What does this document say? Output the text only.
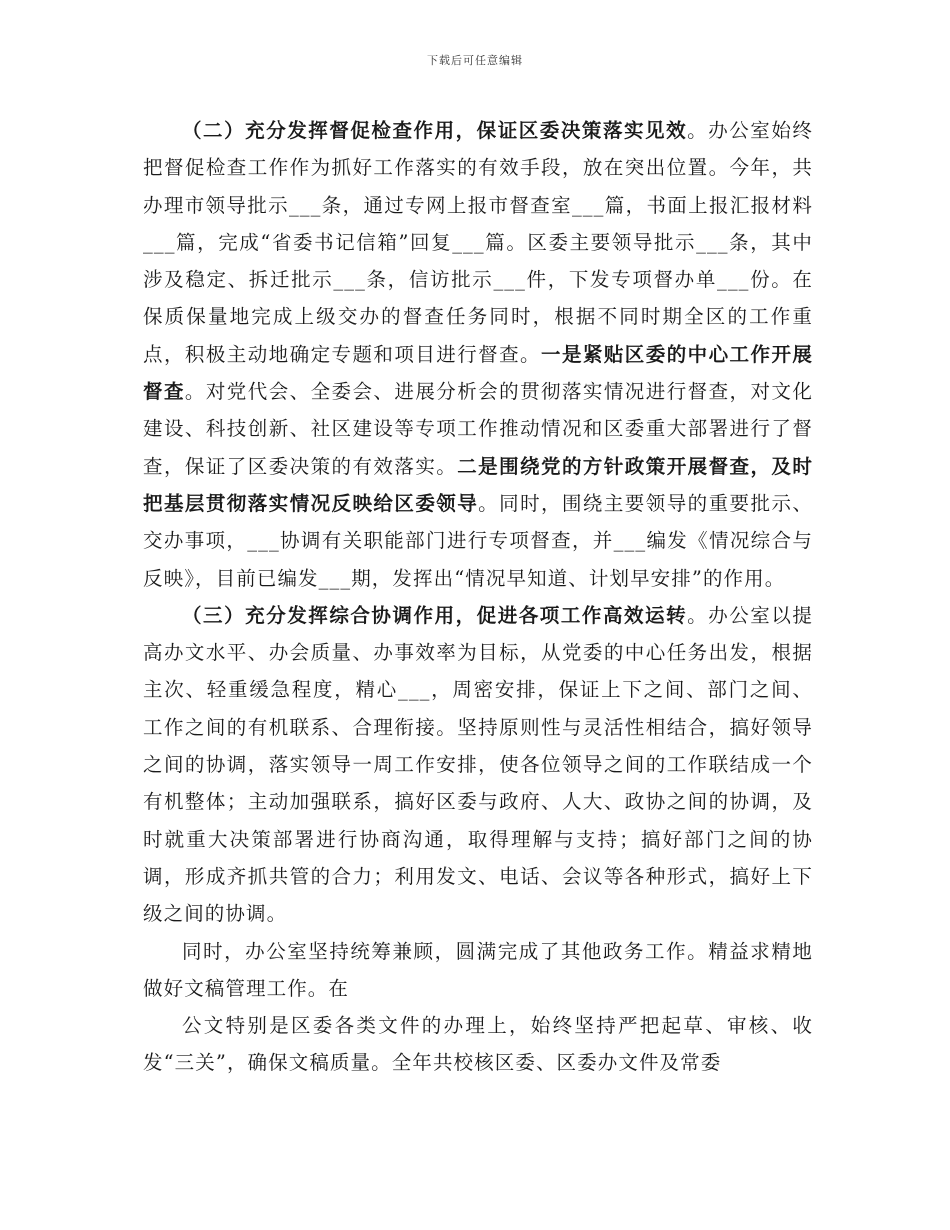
下载后可任意编辑

（二）充分发挥督促检查作用，保证区委决策落实见效。办公室始终把督促检查工作作为抓好工作落实的有效手段，放在突出位置。今年，共办理市领导批示___条，通过专网上报市督查室___篇，书面上报汇报材料___篇，完成“省委书记信箱”回复___篇。区委主要领导批示___条，其中涉及稳定、拆迁批示___条，信访批示___件，下发专项督办单___份。在保质保量地完成上级交办的督查任务同时，根据不同时期全区的工作重点，积极主动地确定专题和项目进行督查。一是紧贴区委的中心工作开展督查。对党代会、全委会、进展分析会的贯彻落实情况进行督查，对文化建设、科技创新、社区建设等专项工作推动情况和区委重大部署进行了督查，保证了区委决策的有效落实。二是围绕党的方针政策开展督查，及时把基层贯彻落实情况反映给区委领导。同时，围绕主要领导的重要批示、交办事项，___协调有关职能部门进行专项督查，并___编发《情况综合与反映》，目前已编发___期，发挥出“情况早知道、计划早安排”的作用。

（三）充分发挥综合协调作用，促进各项工作高效运转。办公室以提高办文水平、办会质量、办事效率为目标，从党委的中心任务出发，根据主次、轻重缓急程度，精心___，周密安排，保证上下之间、部门之间、工作之间的有机联系、合理衔接。坚持原则性与灵活性相结合，搞好领导之间的协调，落实领导一周工作安排，使各位领导之间的工作联结成一个有机整体；主动加强联系，搞好区委与政府、人大、政协之间的协调，及时就重大决策部署进行协商沟通，取得理解与支持；搞好部门之间的协调，形成齐抓共管的合力；利用发文、电话、会议等各种形式，搞好上下级之间的协调。

同时，办公室坚持统筹兼顾，圆满完成了其他政务工作。精益求精地做好文稿管理工作。在

公文特别是区委各类文件的办理上，始终坚持严把起草、审核、收发“三关”，确保文稿质量。全年共校核区委、区委办文件及常委
